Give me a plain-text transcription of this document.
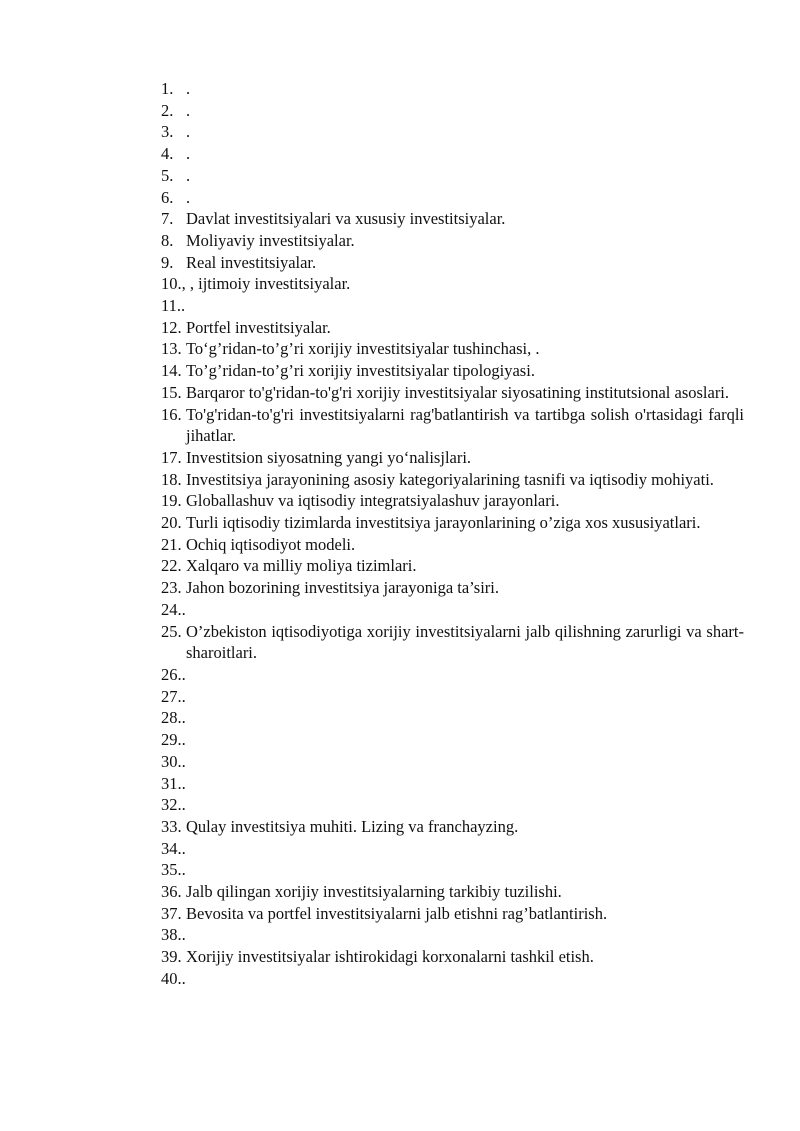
1. .
2. .
3. .
4. .
5. .
6. .
7. Davlat investitsiyalari va xususiy investitsiyalar.
8. Moliyaviy investitsiyalar.
9. Real investitsiyalar.
10. , , ijtimoiy investitsiyalar.
11. .
12. Portfel investitsiyalar.
13. To‘g’ridan-to’g’ri xorijiy investitsiyalar tushinchasi, .
14. To’g’ridan-to’g’ri xorijiy investitsiyalar tipologiyasi.
15. Barqaror to'g'ridan-to'g'ri xorijiy investitsiyalar siyosatining institutsional asoslari.
16. To'g'ridan-to'g'ri investitsiyalarni rag'batlantirish va tartibga solish o'rtasidagi farqli jihatlar.
17. Investitsion siyosatning yangi yo‘nalisjlari.
18. Investitsiya jarayonining asosiy kategoriyalarining tasnifi va iqtisodiy mohiyati.
19. Globallashuv va iqtisodiy integratsiyalashuv jarayonlari.
20. Turli iqtisodiy tizimlarda investitsiya jarayonlarining o’ziga xos xususiyatlari.
21. Ochiq iqtisodiyot modeli.
22. Xalqaro va milliy moliya tizimlari.
23. Jahon bozorining investitsiya jarayoniga ta’siri.
24. .
25. O’zbekiston iqtisodiyotiga xorijiy investitsiyalarni jalb qilishning zarurligi va shart-sharoitlari.
26. .
27. .
28. .
29. .
30. .
31. .
32. .
33. Qulay investitsiya muhiti. Lizing va franchayzing.
34. .
35. .
36. Jalb qilingan xorijiy investitsiyalarning tarkibiy tuzilishi.
37. Bevosita va portfel investitsiyalarni jalb etishni rag’batlantirish.
38. .
39. Xorijiy investitsiyalar ishtirokidagi korxonalarni tashkil etish.
40. .
